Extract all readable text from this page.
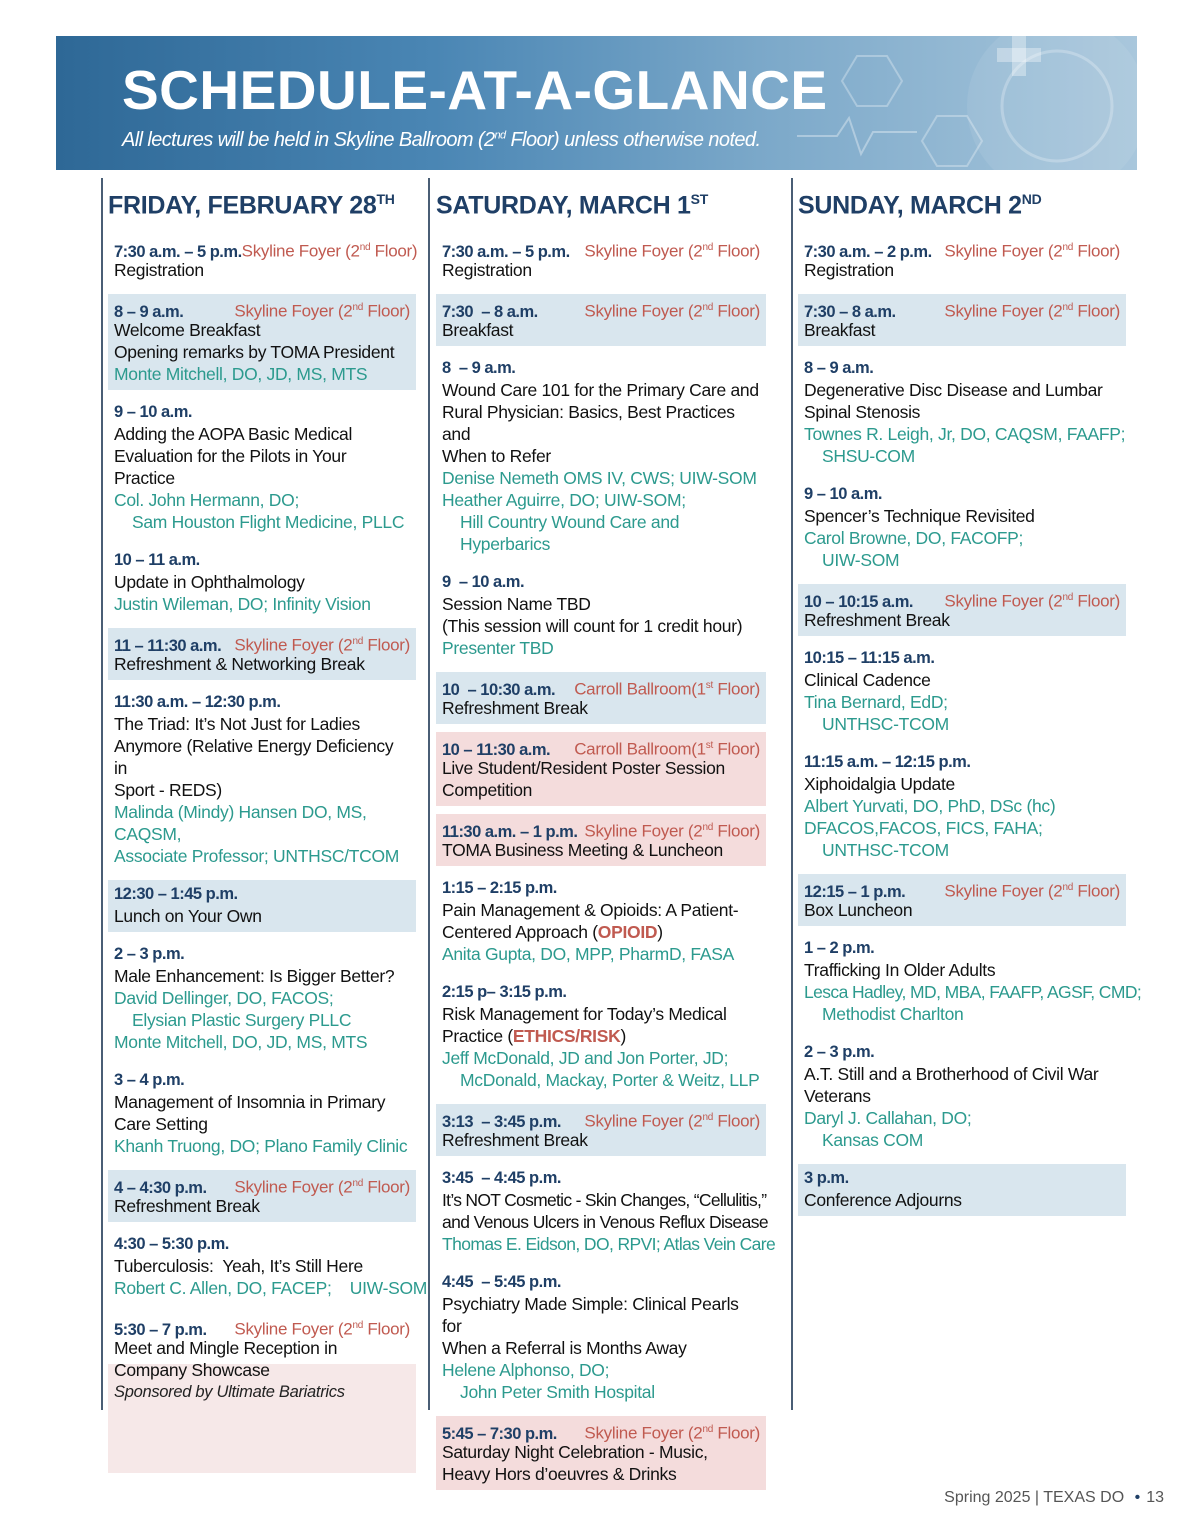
SCHEDULE-AT-A-GLANCE

All lectures will be held in Skyline Ballroom (2nd Floor) unless otherwise noted.

FRIDAY, FEBRUARY 28TH
7:30 a.m. – 5 p.m. Skyline Foyer (2nd Floor)
Registration
8 – 9 a.m.	Skyline Foyer (2nd Floor)
Welcome Breakfast
Opening remarks by TOMA President
Monte Mitchell, DO, JD, MS, MTS
9 – 10 a.m.
Adding the AOPA Basic Medical
Evaluation for the Pilots in Your
Practice
Col. John Hermann, DO;
Sam Houston Flight Medicine, PLLC
10 – 11 a.m.
Update in Ophthalmology
Justin Wileman, DO; Infinity Vision
11 – 11:30 a.m. Skyline Foyer (2nd Floor)
Refreshment & Networking Break
11:30 a.m. – 12:30 p.m.
The Triad: It’s Not Just for Ladies
Anymore (Relative Energy Deficiency in
Sport - REDS)
Malinda (Mindy) Hansen DO, MS, CAQSM,
Associate Professor; UNTHSC/TCOM
12:30 – 1:45 p.m.
Lunch on Your Own
2 – 3 p.m.
Male Enhancement: Is Bigger Better?
David Dellinger, DO, FACOS;
Elysian Plastic Surgery PLLC
Monte Mitchell, DO, JD, MS, MTS
3 – 4 p.m.
Management of Insomnia in Primary
Care Setting
Khanh Truong, DO; Plano Family Clinic
4 – 4:30 p.m. Skyline Foyer (2nd Floor)
Refreshment Break
4:30 – 5:30 p.m.
Tuberculosis:  Yeah, It’s Still Here
Robert C. Allen, DO, FACEP;    UIW-SOM
5:30 – 7 p.m. Skyline Foyer (2nd Floor)
Meet and Mingle Reception in
Company Showcase
Sponsored by Ultimate Bariatrics
SATURDAY, MARCH 1ST
7:30 a.m. – 5 p.m. Skyline Foyer (2nd Floor)
Registration
7:30  – 8 a.m.	Skyline Foyer (2nd Floor)
Breakfast
8  – 9 a.m.
Wound Care 101 for the Primary Care and
Rural Physician: Basics, Best Practices and
When to Refer
Denise Nemeth OMS IV, CWS; UIW-SOM
Heather Aguirre, DO; UIW-SOM;
Hill Country Wound Care and
Hyperbarics
9  – 10 a.m.
Session Name TBD
(This session will count for 1 credit hour)
Presenter TBD
10  – 10:30 a.m. Carroll Ballroom(1st Floor)
Refreshment Break
10 – 11:30 a.m. Carroll Ballroom(1st Floor)
Live Student/Resident Poster Session
Competition
11:30 a.m. – 1 p.m. Skyline Foyer (2nd Floor)
TOMA Business Meeting & Luncheon
1:15 – 2:15 p.m.
Pain Management & Opioids: A Patient-
Centered Approach (OPIOID)
Anita Gupta, DO, MPP, PharmD, FASA
2:15 p– 3:15 p.m.
Risk Management for Today’s Medical
Practice (ETHICS/RISK)
Jeff McDonald, JD and Jon Porter, JD;
McDonald, Mackay, Porter & Weitz, LLP
3:13  – 3:45 p.m. Skyline Foyer (2nd Floor)
Refreshment Break
3:45  – 4:45 p.m.
It’s NOT Cosmetic - Skin Changes, “Cellulitis,”
and Venous Ulcers in Venous Reflux Disease
Thomas E. Eidson, DO, RPVI; Atlas Vein Care
4:45  – 5:45 p.m.
Psychiatry Made Simple: Clinical Pearls for
When a Referral is Months Away
Helene Alphonso, DO;
John Peter Smith Hospital
5:45 – 7:30 p.m. Skyline Foyer (2nd Floor)
Saturday Night Celebration - Music,
Heavy Hors d’oeuvres & Drinks
SUNDAY, MARCH 2ND
7:30 a.m. – 2 p.m. Skyline Foyer (2nd Floor)
Registration
7:30 – 8 a.m.	Skyline Foyer (2nd Floor)
Breakfast
8 – 9 a.m.
Degenerative Disc Disease and Lumbar
Spinal Stenosis
Townes R. Leigh, Jr, DO, CAQSM, FAAFP;
SHSU-COM
9 – 10 a.m.
Spencer’s Technique Revisited
Carol Browne, DO, FACOFP;
UIW-SOM
10 – 10:15 a.m. Skyline Foyer (2nd Floor)
Refreshment Break
10:15 – 11:15 a.m.
Clinical Cadence
Tina Bernard, EdD;
UNTHSC-TCOM
11:15 a.m. – 12:15 p.m.
Xiphoidalgia Update
Albert Yurvati, DO, PhD, DSc (hc)
DFACOS,FACOS, FICS, FAHA;
UNTHSC-TCOM
12:15 – 1 p.m. Skyline Foyer (2nd Floor)
Box Luncheon
1 – 2 p.m.
Trafficking In Older Adults
Lesca Hadley, MD, MBA, FAAFP, AGSF, CMD;
Methodist Charlton
2 – 3 p.m.
A.T. Still and a Brotherhood of Civil War
Veterans
Daryl J. Callahan, DO;
Kansas COM
3 p.m.
Conference Adjourns
Spring 2025 | TEXAS DO • 13
